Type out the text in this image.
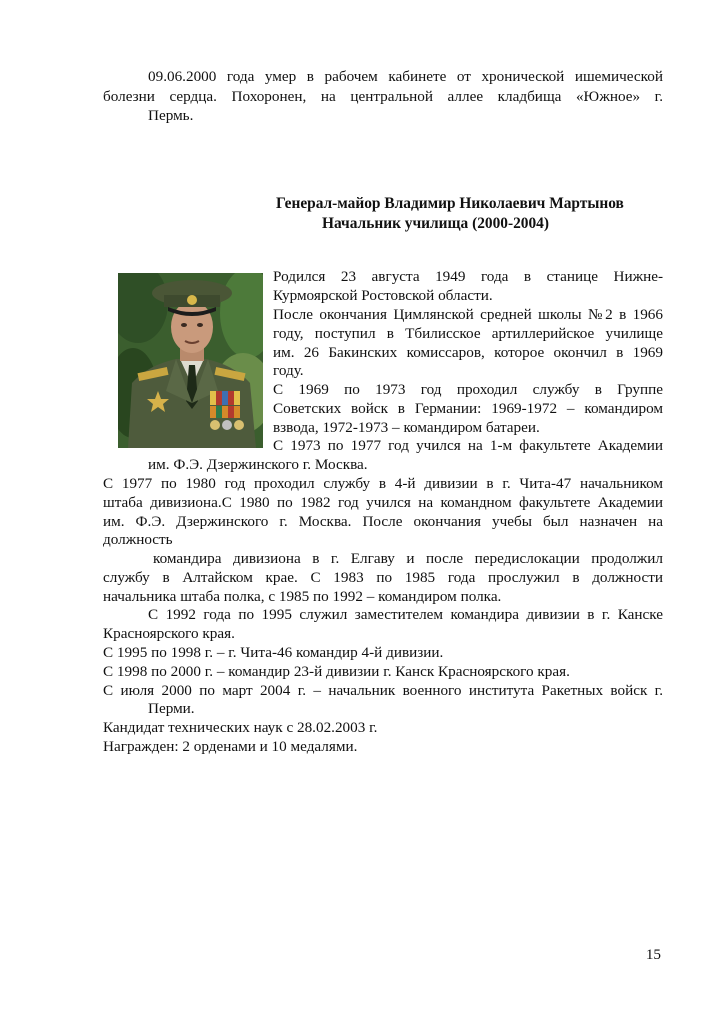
09.06.2000 года умер в рабочем кабинете от хронической ишемической
болезни сердца. Похоронен, на центральной аллее кладбища «Южное» г.
Пермь.
Генерал-майор Владимир Николаевич Мартынов
Начальник училища (2000-2004)
Родился 23 августа 1949 года в станице Нижне-
Курмоярской Ростовской области.
После окончания Цимлянской средней школы №2 в 1966
году, поступил в Тбилисское артиллерийское училище
им. 26 Бакинских комиссаров, которое окончил в 1969
году.
С 1969 по 1973 год проходил службу в Группе
Советских войск в Германии: 1969-1972 – командиром
взвода, 1972-1973 – командиром батареи.
С 1973 по 1977 год учился на 1-м факультете Академии
им. Ф.Э. Дзержинского г. Москва.
С 1977 по 1980 год проходил службу в 4-й дивизии в г. Чита-47 начальником
штаба дивизиона.С 1980 по 1982 год учился на командном факультете Академии
им. Ф.Э. Дзержинского г. Москва. После окончания учебы был назначен на
должность
командира дивизиона в г. Елгаву и после передислокации продолжил
службу в Алтайском крае. С 1983 по 1985 года прослужил в должности
начальника штаба полка, с 1985 по 1992 – командиром полка.
С 1992 года по 1995 служил заместителем командира дивизии в г. Канске
Красноярского края.
С 1995 по 1998 г. – г. Чита-46 командир 4-й дивизии.
С 1998 по 2000 г. – командир 23-й дивизии г. Канск Красноярского края.
С июля 2000 по март 2004 г. – начальник военного института Ракетных войск г.
Перми.
Кандидат технических наук с 28.02.2003 г.
Награжден: 2 орденами и 10 медалями.
15
